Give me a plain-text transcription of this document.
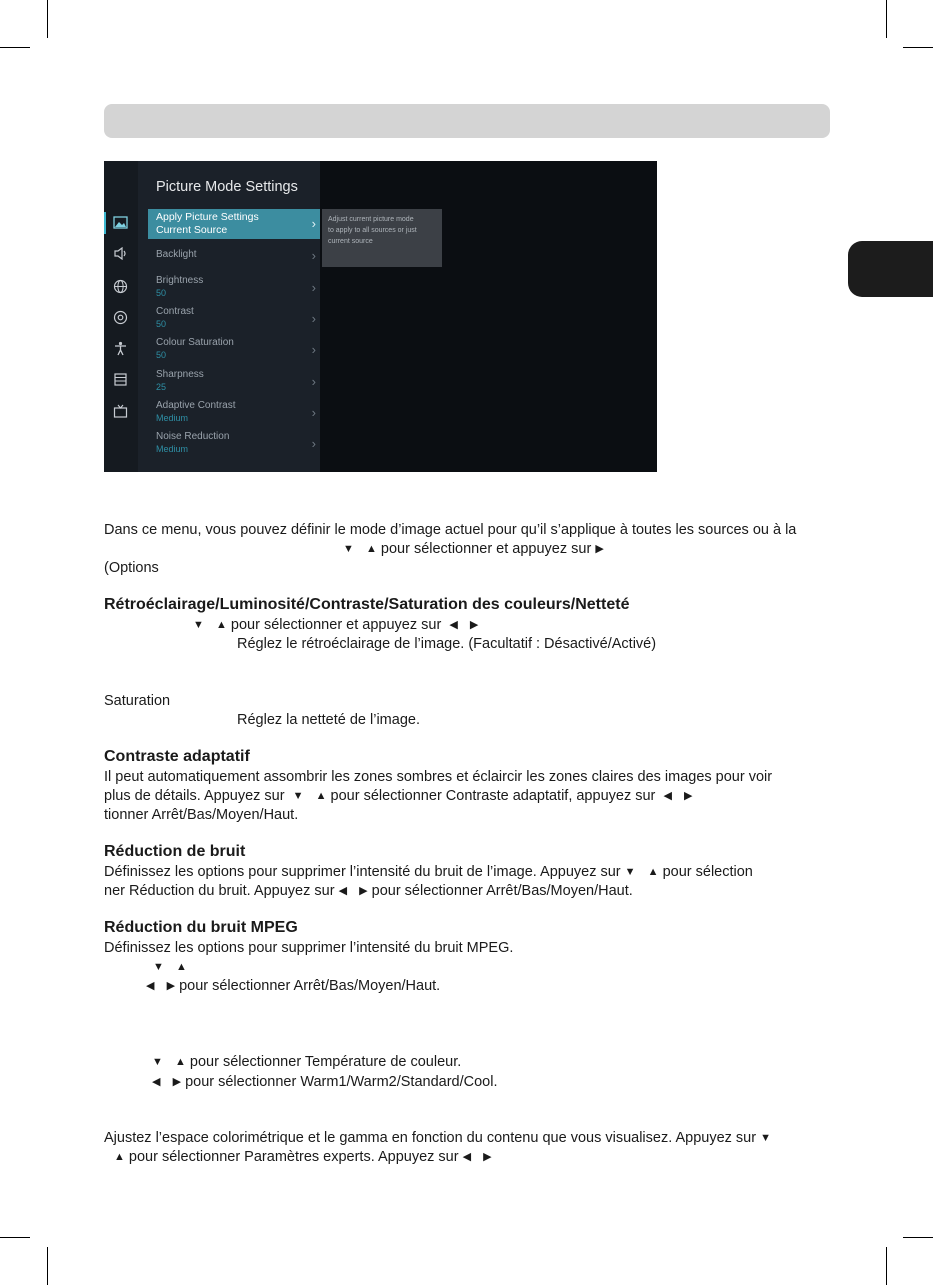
Picture Mode Settings
Apply Picture Settings
Current Source	›
Backlight	›
Brightness
50	›
Contrast
50	›
Colour Saturation
50	›
Sharpness
25	›
Adaptive Contrast
Medium	›
Noise Reduction
Medium	›
Adjust current picture mode to apply to all sources or just current source
Dans ce menu, vous pouvez définir le mode d’image actuel pour qu’il s’applique à toutes les sources ou à la
▼ ▲ pour sélectionner et appuyez sur ▶
(Options
Rétroéclairage/Luminosité/Contraste/Saturation des couleurs/Netteté
▼ ▲ pour sélectionner et appuyez sur ◀ ▶
Réglez le rétroéclairage de l’image. (Facultatif : Désactivé/Activé)
Saturation
Réglez la netteté de l’image.
Contraste adaptatif
Il peut automatiquement assombrir les zones sombres et éclaircir les zones claires des images pour voir
plus de détails. Appuyez sur ▼ ▲ pour sélectionner Contraste adaptatif, appuyez sur ◀ ▶
tionner Arrêt/Bas/Moyen/Haut.
Réduction de bruit
Définissez les options pour supprimer l’intensité du bruit de l’image. Appuyez sur ▼ ▲ pour sélection
ner Réduction du bruit. Appuyez sur ◀ ▶ pour sélectionner Arrêt/Bas/Moyen/Haut.
Réduction du bruit MPEG
Définissez les options pour supprimer l’intensité du bruit MPEG.
▼ ▲
◀ ▶ pour sélectionner Arrêt/Bas/Moyen/Haut.
▼ ▲ pour sélectionner Température de couleur.
◀ ▶ pour sélectionner Warm1/Warm2/Standard/Cool.
Ajustez l’espace colorimétrique et le gamma en fonction du contenu que vous visualisez. Appuyez sur ▼
▲ pour sélectionner Paramètres experts. Appuyez sur ◀ ▶
